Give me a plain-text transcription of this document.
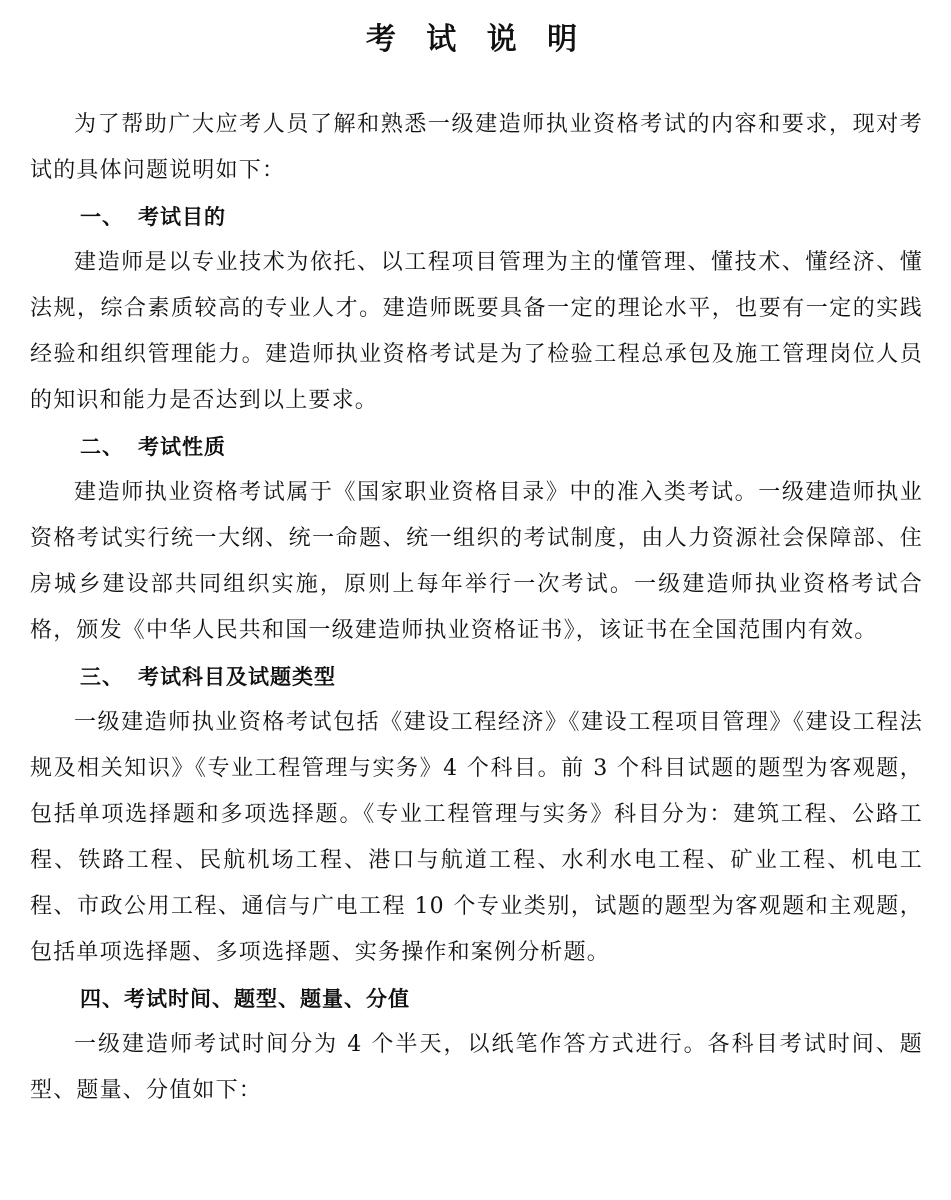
考 试 说 明

为了帮助广大应考人员了解和熟悉一级建造师执业资格考试的内容和要求，现对考试的具体问题说明如下：

一、 考试目的

建造师是以专业技术为依托、以工程项目管理为主的懂管理、懂技术、懂经济、懂法规，综合素质较高的专业人才。建造师既要具备一定的理论水平，也要有一定的实践经验和组织管理能力。建造师执业资格考试是为了检验工程总承包及施工管理岗位人员的知识和能力是否达到以上要求。

二、 考试性质

建造师执业资格考试属于《国家职业资格目录》中的准入类考试。一级建造师执业资格考试实行统一大纲、统一命题、统一组织的考试制度，由人力资源社会保障部、住房城乡建设部共同组织实施，原则上每年举行一次考试。一级建造师执业资格考试合格，颁发《中华人民共和国一级建造师执业资格证书》，该证书在全国范围内有效。

三、 考试科目及试题类型

一级建造师执业资格考试包括《建设工程经济》《建设工程项目管理》《建设工程法规及相关知识》《专业工程管理与实务》4 个科目。前 3 个科目试题的题型为客观题，包括单项选择题和多项选择题。《专业工程管理与实务》科目分为：建筑工程、公路工程、铁路工程、民航机场工程、港口与航道工程、水利水电工程、矿业工程、机电工程、市政公用工程、通信与广电工程 10 个专业类别，试题的题型为客观题和主观题，包括单项选择题、多项选择题、实务操作和案例分析题。

四、考试时间、题型、题量、分值

一级建造师考试时间分为 4 个半天，以纸笔作答方式进行。各科目考试时间、题型、题量、分值如下：
